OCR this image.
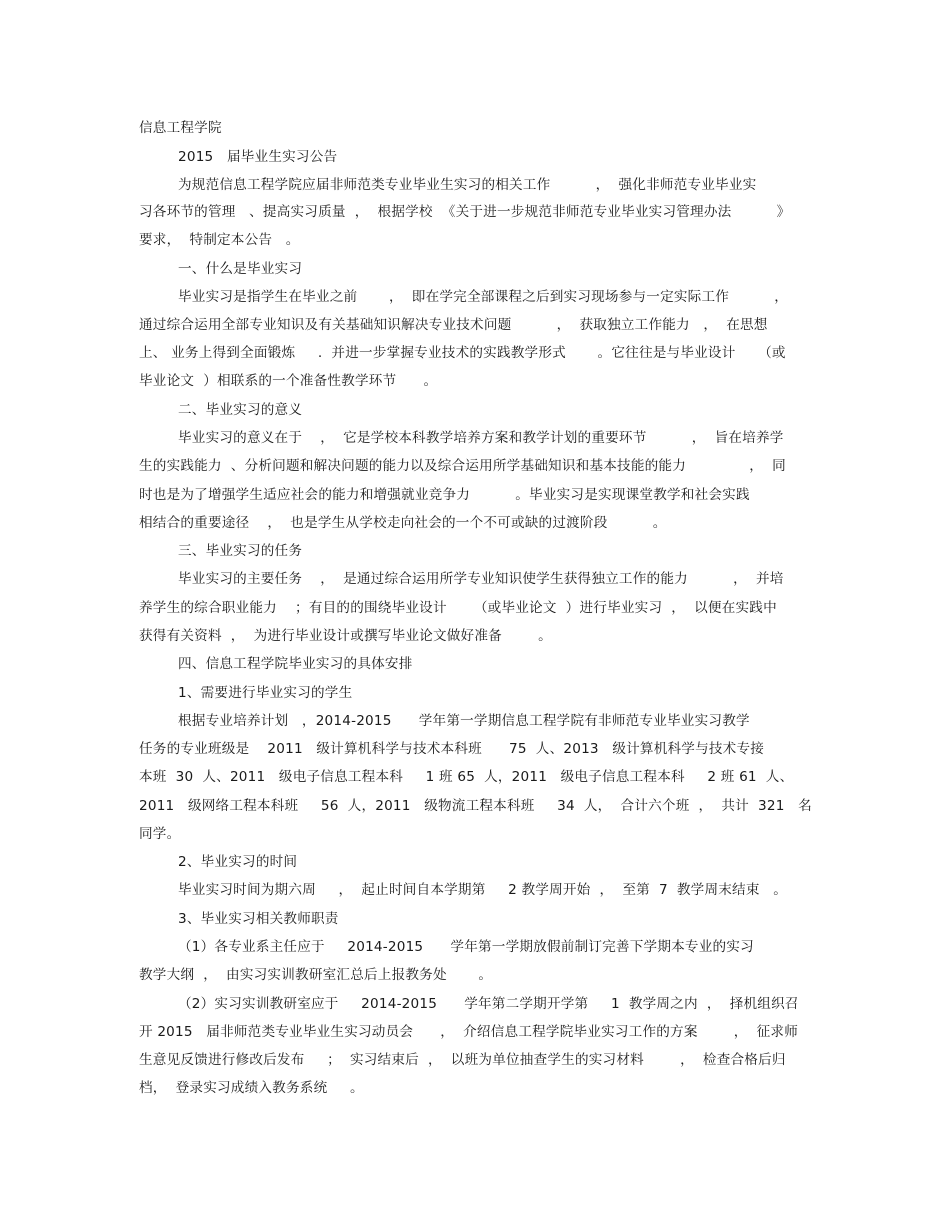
信息工程学院
2015   届毕业生实习公告
为规范信息工程学院应届非师范类专业毕业生实习的相关工作          ，  强化非师范专业毕业实
习各环节的管理   、提高实习质量  ，  根据学校  《关于进一步规范非师范专业毕业实习管理办法          》
要求，  特制定本公告   。
一、什么是毕业实习
毕业实习是指学生在毕业之前       ，  即在学完全部课程之后到实习现场参与一定实际工作          ，
通过综合运用全部专业知识及有关基础知识解决专业技术问题          ，  获取独立工作能力   ，  在思想
上、 业务上得到全面锻炼     .  并进一步掌握专业技术的实践教学形式       。它往往是与毕业设计     （或
毕业论文  ）相联系的一个准备性教学环节      。
二、毕业实习的意义
毕业实习的意义在于    ，  它是学校本科教学培养方案和教学计划的重要环节          ，  旨在培养学
生的实践能力  、分析问题和解决问题的能力以及综合运用所学基础知识和基本技能的能力              ，  同
时也是为了增强学生适应社会的能力和增强就业竞争力          。毕业实习是实现课堂教学和社会实践
相结合的重要途径    ，  也是学生从学校走向社会的一个不可或缺的过渡阶段          。
三、毕业实习的任务
毕业实习的主要任务    ，  是通过综合运用所学专业知识使学生获得独立工作的能力          ，  并培
养学生的综合职业能力    ；有目的的围绕毕业设计      （或毕业论文  ）进行毕业实习  ，  以便在实践中
获得有关资料  ，  为进行毕业设计或撰写毕业论文做好准备        。
四、信息工程学院毕业实习的具体安排
1、需要进行毕业实习的学生
根据专业培养计划   ，2014-2015      学年第一学期信息工程学院有非师范专业毕业实习教学
任务的专业班级是    2011   级计算机科学与技术本科班      75  人、2013   级计算机科学与技术专接
本班  30  人、2011   级电子信息工程本科     1 班 65  人，2011   级电子信息工程本科     2 班 61  人、
2011   级网络工程本科班     56  人，2011   级物流工程本科班     34  人，  合计六个班  ，  共计  321   名
同学。
2、毕业实习的时间
毕业实习时间为期六周     ，  起止时间自本学期第     2 教学周开始  ，  至第  7  教学周末结束   。
3、毕业实习相关教师职责
（1）各专业系主任应于     2014-2015      学年第一学期放假前制订完善下学期本专业的实习
教学大纲  ，  由实习实训教研室汇总后上报教务处       。
（2）实习实训教研室应于     2014-2015      学年第二学期开学第     1  教学周之内  ，  择机组织召
开 2015   届非师范类专业毕业生实习动员会      ，  介绍信息工程学院毕业实习工作的方案        ，  征求师
生意见反馈进行修改后发布     ；  实习结束后  ，  以班为单位抽查学生的实习材料        ，  检查合格后归
档，  登录实习成绩入教务系统     。
